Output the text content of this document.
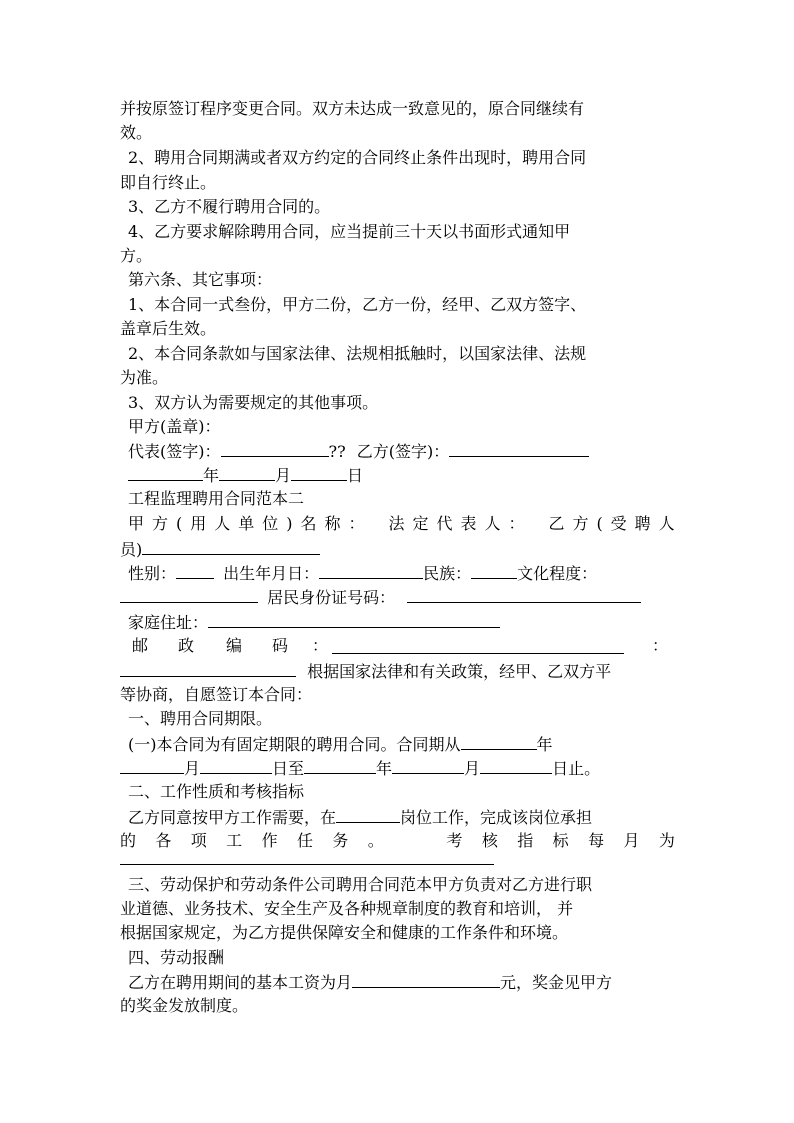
并按原签订程序变更合同。双方未达成一致意见的，原合同继续有
效。
2、聘用合同期满或者双方约定的合同终止条件出现时，聘用合同
即自行终止。
3、乙方不履行聘用合同的。
4、乙方要求解除聘用合同，应当提前三十天以书面形式通知甲
方。
第六条、其它事项：
1、本合同一式叁份，甲方二份，乙方一份，经甲、乙双方签字、
盖章后生效。
2、本合同条款如与国家法律、法规相抵触时，以国家法律、法规
为准。
3、双方认为需要规定的其他事项。
甲方(盖章)：
代表(签字)：	?? 乙方(签字)：
年	月	日
工程监理聘用合同范本二
甲 方 ( 用 人 单 位 ) 名 称 ： 法 定 代 表 人 ： 乙 方 ( 受 聘 人
员)
性别：	出生年月日：	民族：	文化程度：
居民身份证号码：
家庭住址：
邮 政 编 码 ：	：
根据国家法律和有关政策，经甲、乙双方平
等协商，自愿签订本合同：
一、聘用合同期限。
(一)本合同为有固定期限的聘用合同。合同期从	年
月	日至	年	月	日止。
二、工作性质和考核指标
乙方同意按甲方工作需要，在	岗位工作，完成该岗位承担
的 各 项 工 作 任 务 。	考 核 指 标 每 月 为
三、劳动保护和劳动条件公司聘用合同范本甲方负责对乙方进行职
业道德、业务技术、安全生产及各种规章制度的教育和培训， 并
根据国家规定，为乙方提供保障安全和健康的工作条件和环境。
四、劳动报酬
乙方在聘用期间的基本工资为月	元，奖金见甲方
的奖金发放制度。
